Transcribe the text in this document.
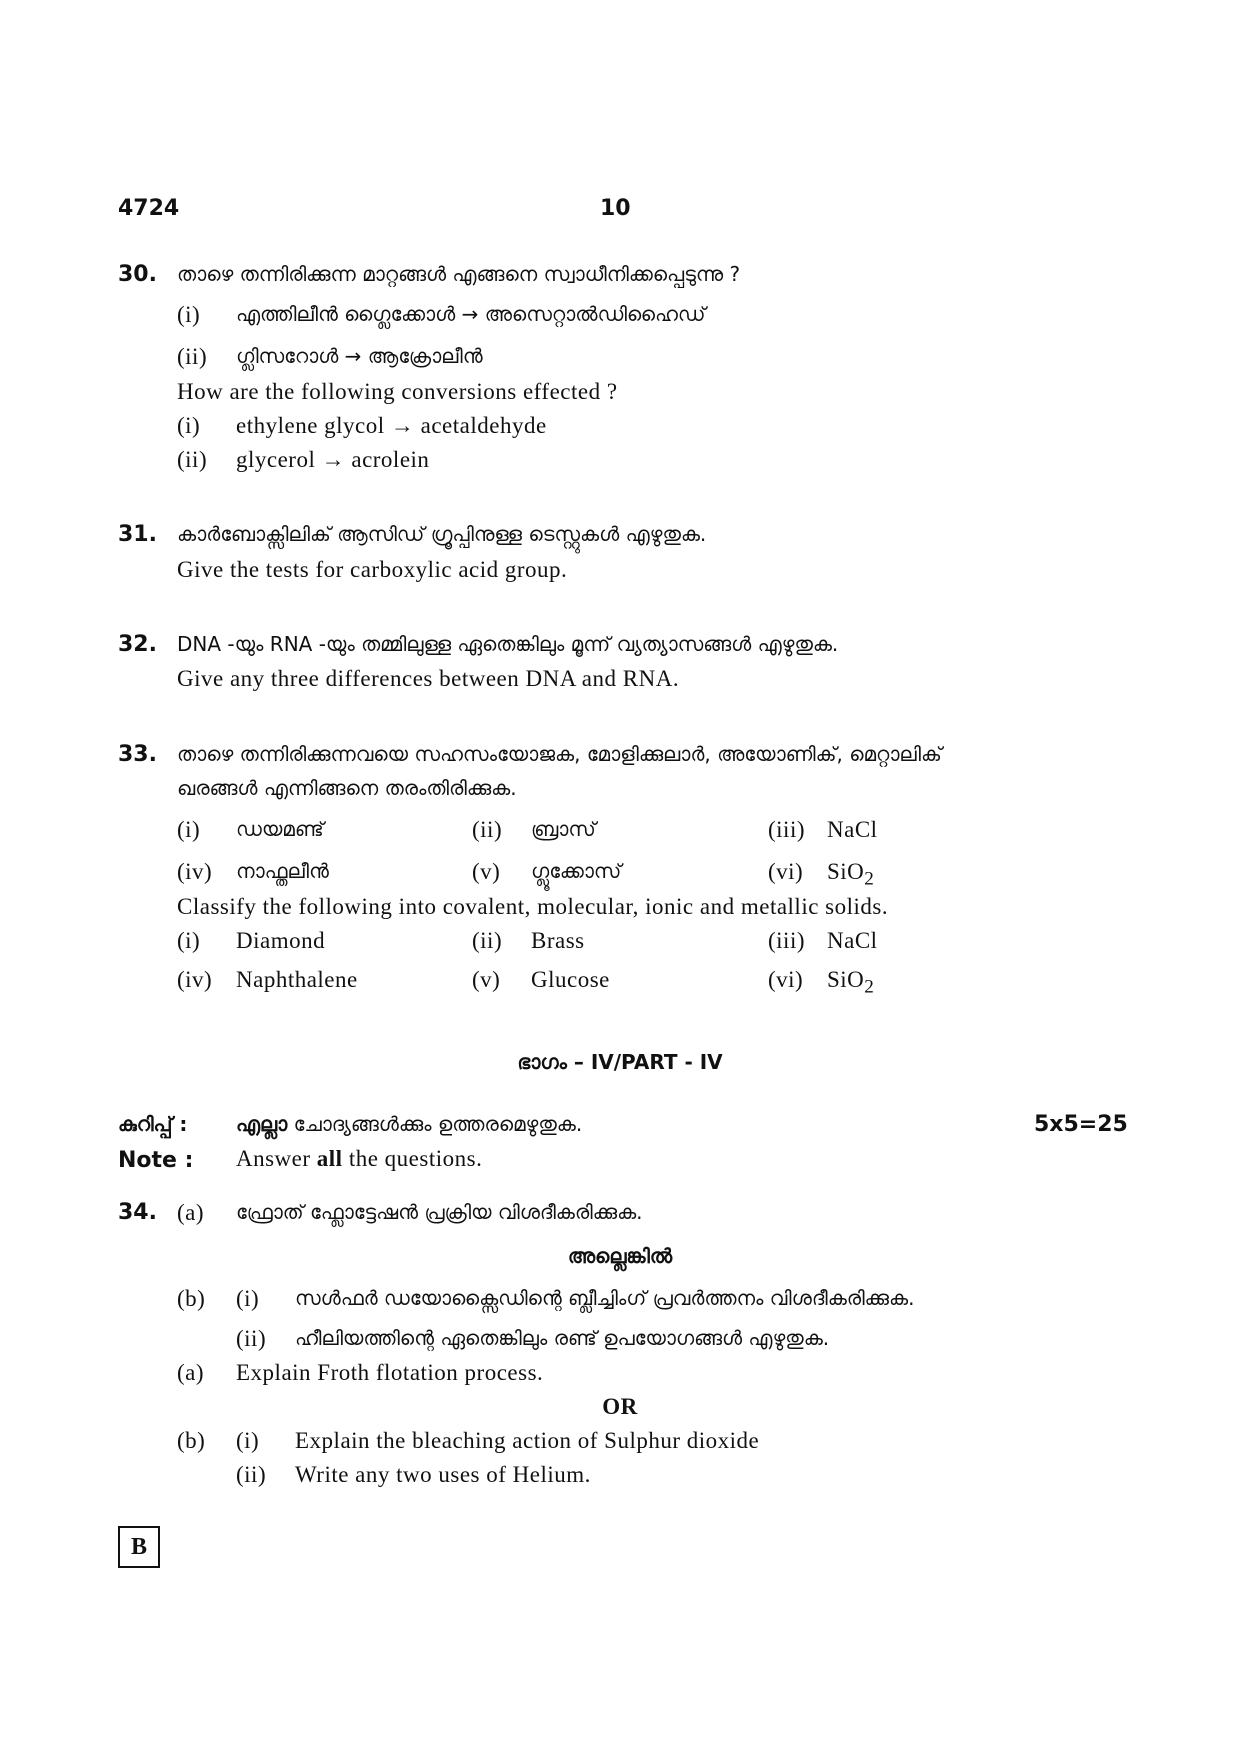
4724	10
30. താഴെ തന്നിരിക്കുന്ന മാറ്റങ്ങൾ എങ്ങനെ സ്വാധീനിക്കപ്പെടുന്നു ?
(i) എത്തിലീൻ ഗ്ലൈക്കോൾ → അസെറ്റാൽഡിഹൈഡ്
(ii) ഗ്ലിസറോൾ → ആക്രോലീൻ
How are the following conversions effected ?
(i) ethylene glycol → acetaldehyde
(ii) glycerol → acrolein
31. കാർബോക്സിലിക് ആസിഡ് ഗ്രൂപ്പിനുള്ള ടെസ്റ്റുകൾ എഴുതുക.
Give the tests for carboxylic acid group.
32. DNA -യും RNA -യും തമ്മിലുള്ള ഏതെങ്കിലും മൂന്ന് വ്യത്യാസങ്ങൾ എഴുതുക.
Give any three differences between DNA and RNA.
33. താഴെ തന്നിരിക്കുന്നവയെ സഹസംയോജക, മോളിക്കുലാർ, അയോണിക്, മെറ്റാലിക്
ഖരങ്ങൾ എന്നിങ്ങനെ തരംതിരിക്കുക.
(i) ഡയമണ്ട്	(ii) ബ്രാസ്	(iii) NaCl
(iv) നാഫ്തലീൻ	(v) ഗ്ലൂക്കോസ്	(vi) SiO$_2$
Classify the following into covalent, molecular, ionic and metallic solids.
(i) Diamond	(ii) Brass	(iii) NaCl
(iv) Naphthalene	(v) Glucose	(vi) SiO$_2$
ഭാഗം – IV/PART - IV
കുറിപ്പ് : എല്ലാ ചോദ്യങ്ങൾക്കും ഉത്തരമെഴുതുക.	5x5=25
Note : Answer all the questions.
34. (a) ഫ്രോത് ഫ്ലോട്ടേഷൻ പ്രക്രിയ വിശദീകരിക്കുക.
അല്ലെങ്കിൽ
(b) (i) സൾഫർ ഡയോക്സൈഡിന്റെ ബ്ലീച്ചിംഗ് പ്രവർത്തനം വിശദീകരിക്കുക.
(ii) ഹീലിയത്തിന്റെ ഏതെങ്കിലും രണ്ട് ഉപയോഗങ്ങൾ എഴുതുക.
(a) Explain Froth flotation process.
OR
(b) (i) Explain the bleaching action of Sulphur dioxide
(ii) Write any two uses of Helium.
B
